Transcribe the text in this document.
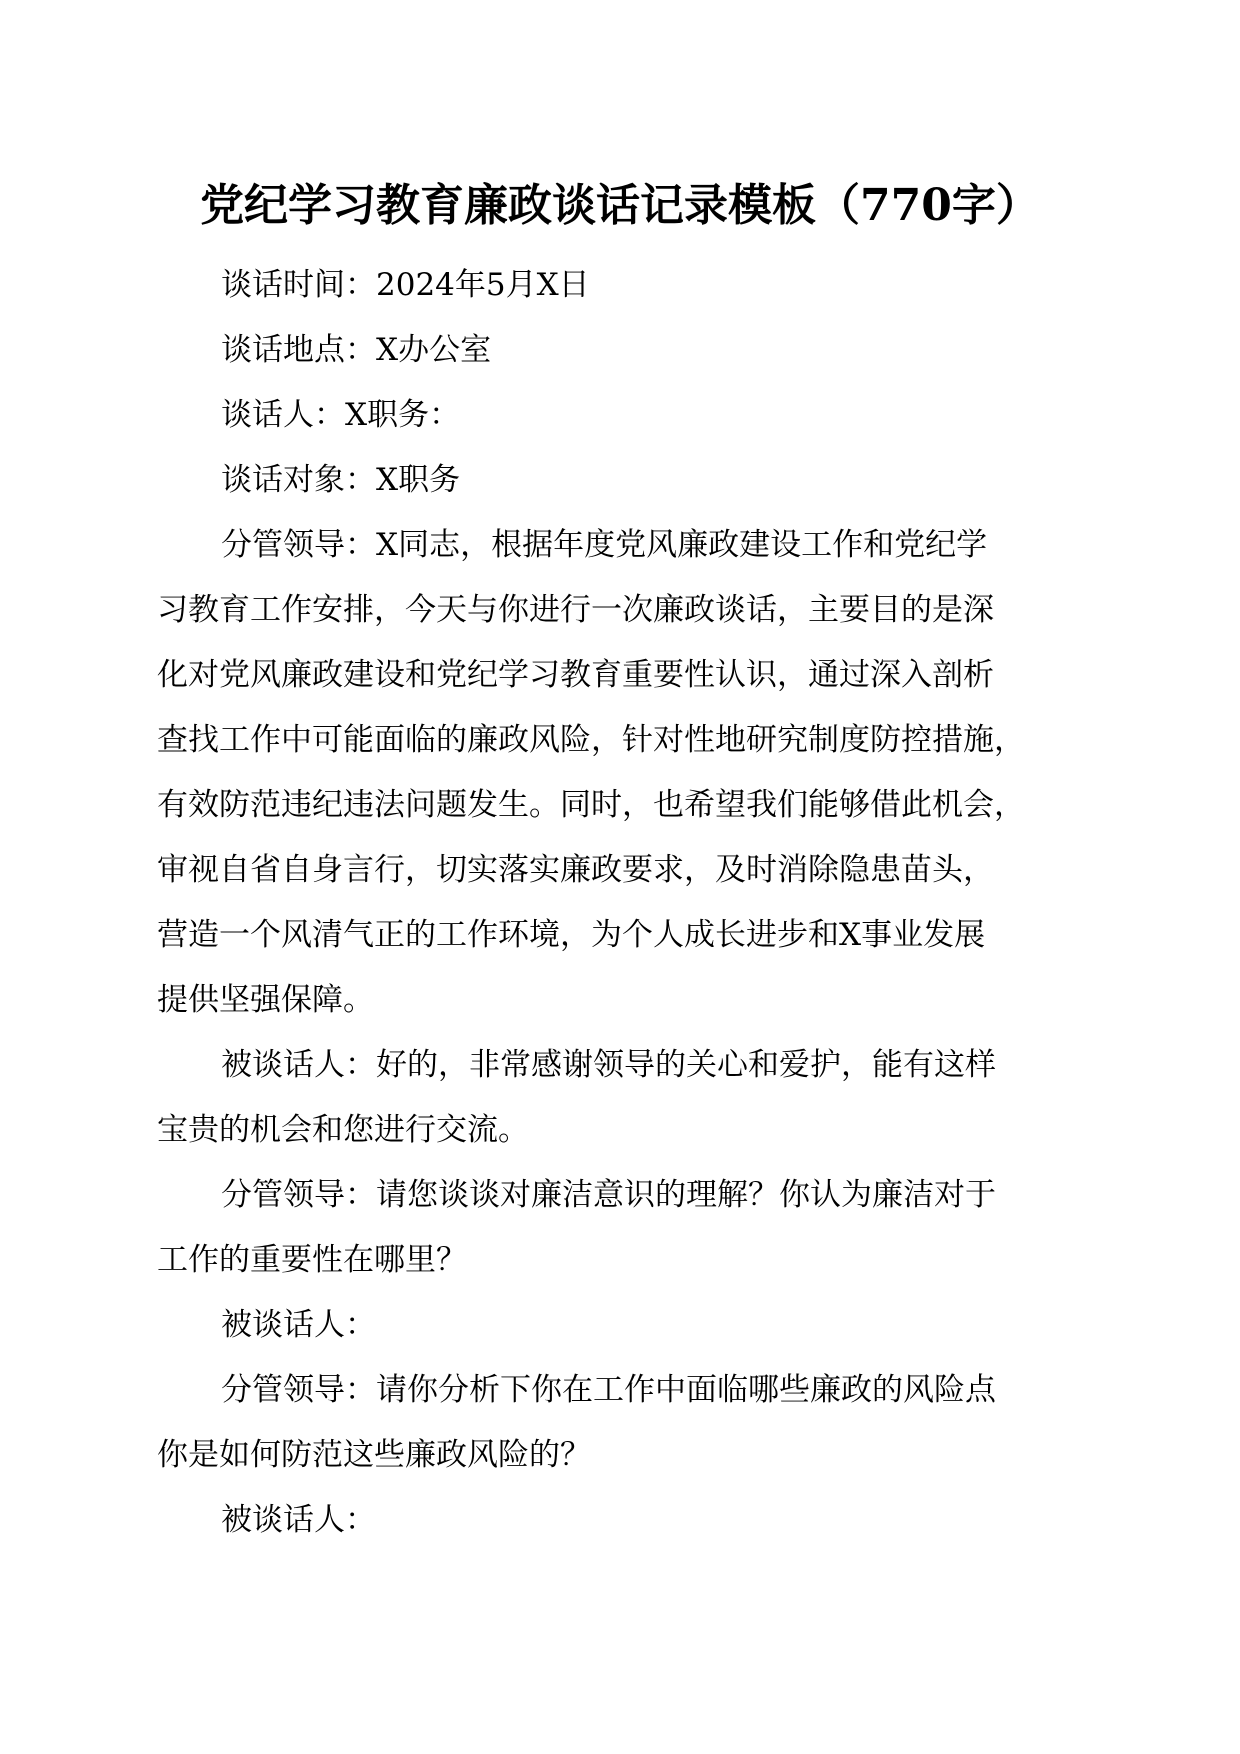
党纪学习教育廉政谈话记录模板（770字）
谈话时间：2024年5月X日
谈话地点：X办公室
谈话人：X职务：
谈话对象：X职务
分管领导：X同志，根据年度党风廉政建设工作和党纪学
习教育工作安排，今天与你进行一次廉政谈话，主要目的是深
化对党风廉政建设和党纪学习教育重要性认识，通过深入剖析
查找工作中可能面临的廉政风险，针对性地研究制度防控措施，
有效防范违纪违法问题发生。同时，也希望我们能够借此机会，
审视自省自身言行，切实落实廉政要求，及时消除隐患苗头，
营造一个风清气正的工作环境，为个人成长进步和X事业发展
提供坚强保障。
被谈话人：好的，非常感谢领导的关心和爱护，能有这样
宝贵的机会和您进行交流。
分管领导：请您谈谈对廉洁意识的理解？你认为廉洁对于
工作的重要性在哪里？
被谈话人：
分管领导：请你分析下你在工作中面临哪些廉政的风险点
你是如何防范这些廉政风险的？
被谈话人：
